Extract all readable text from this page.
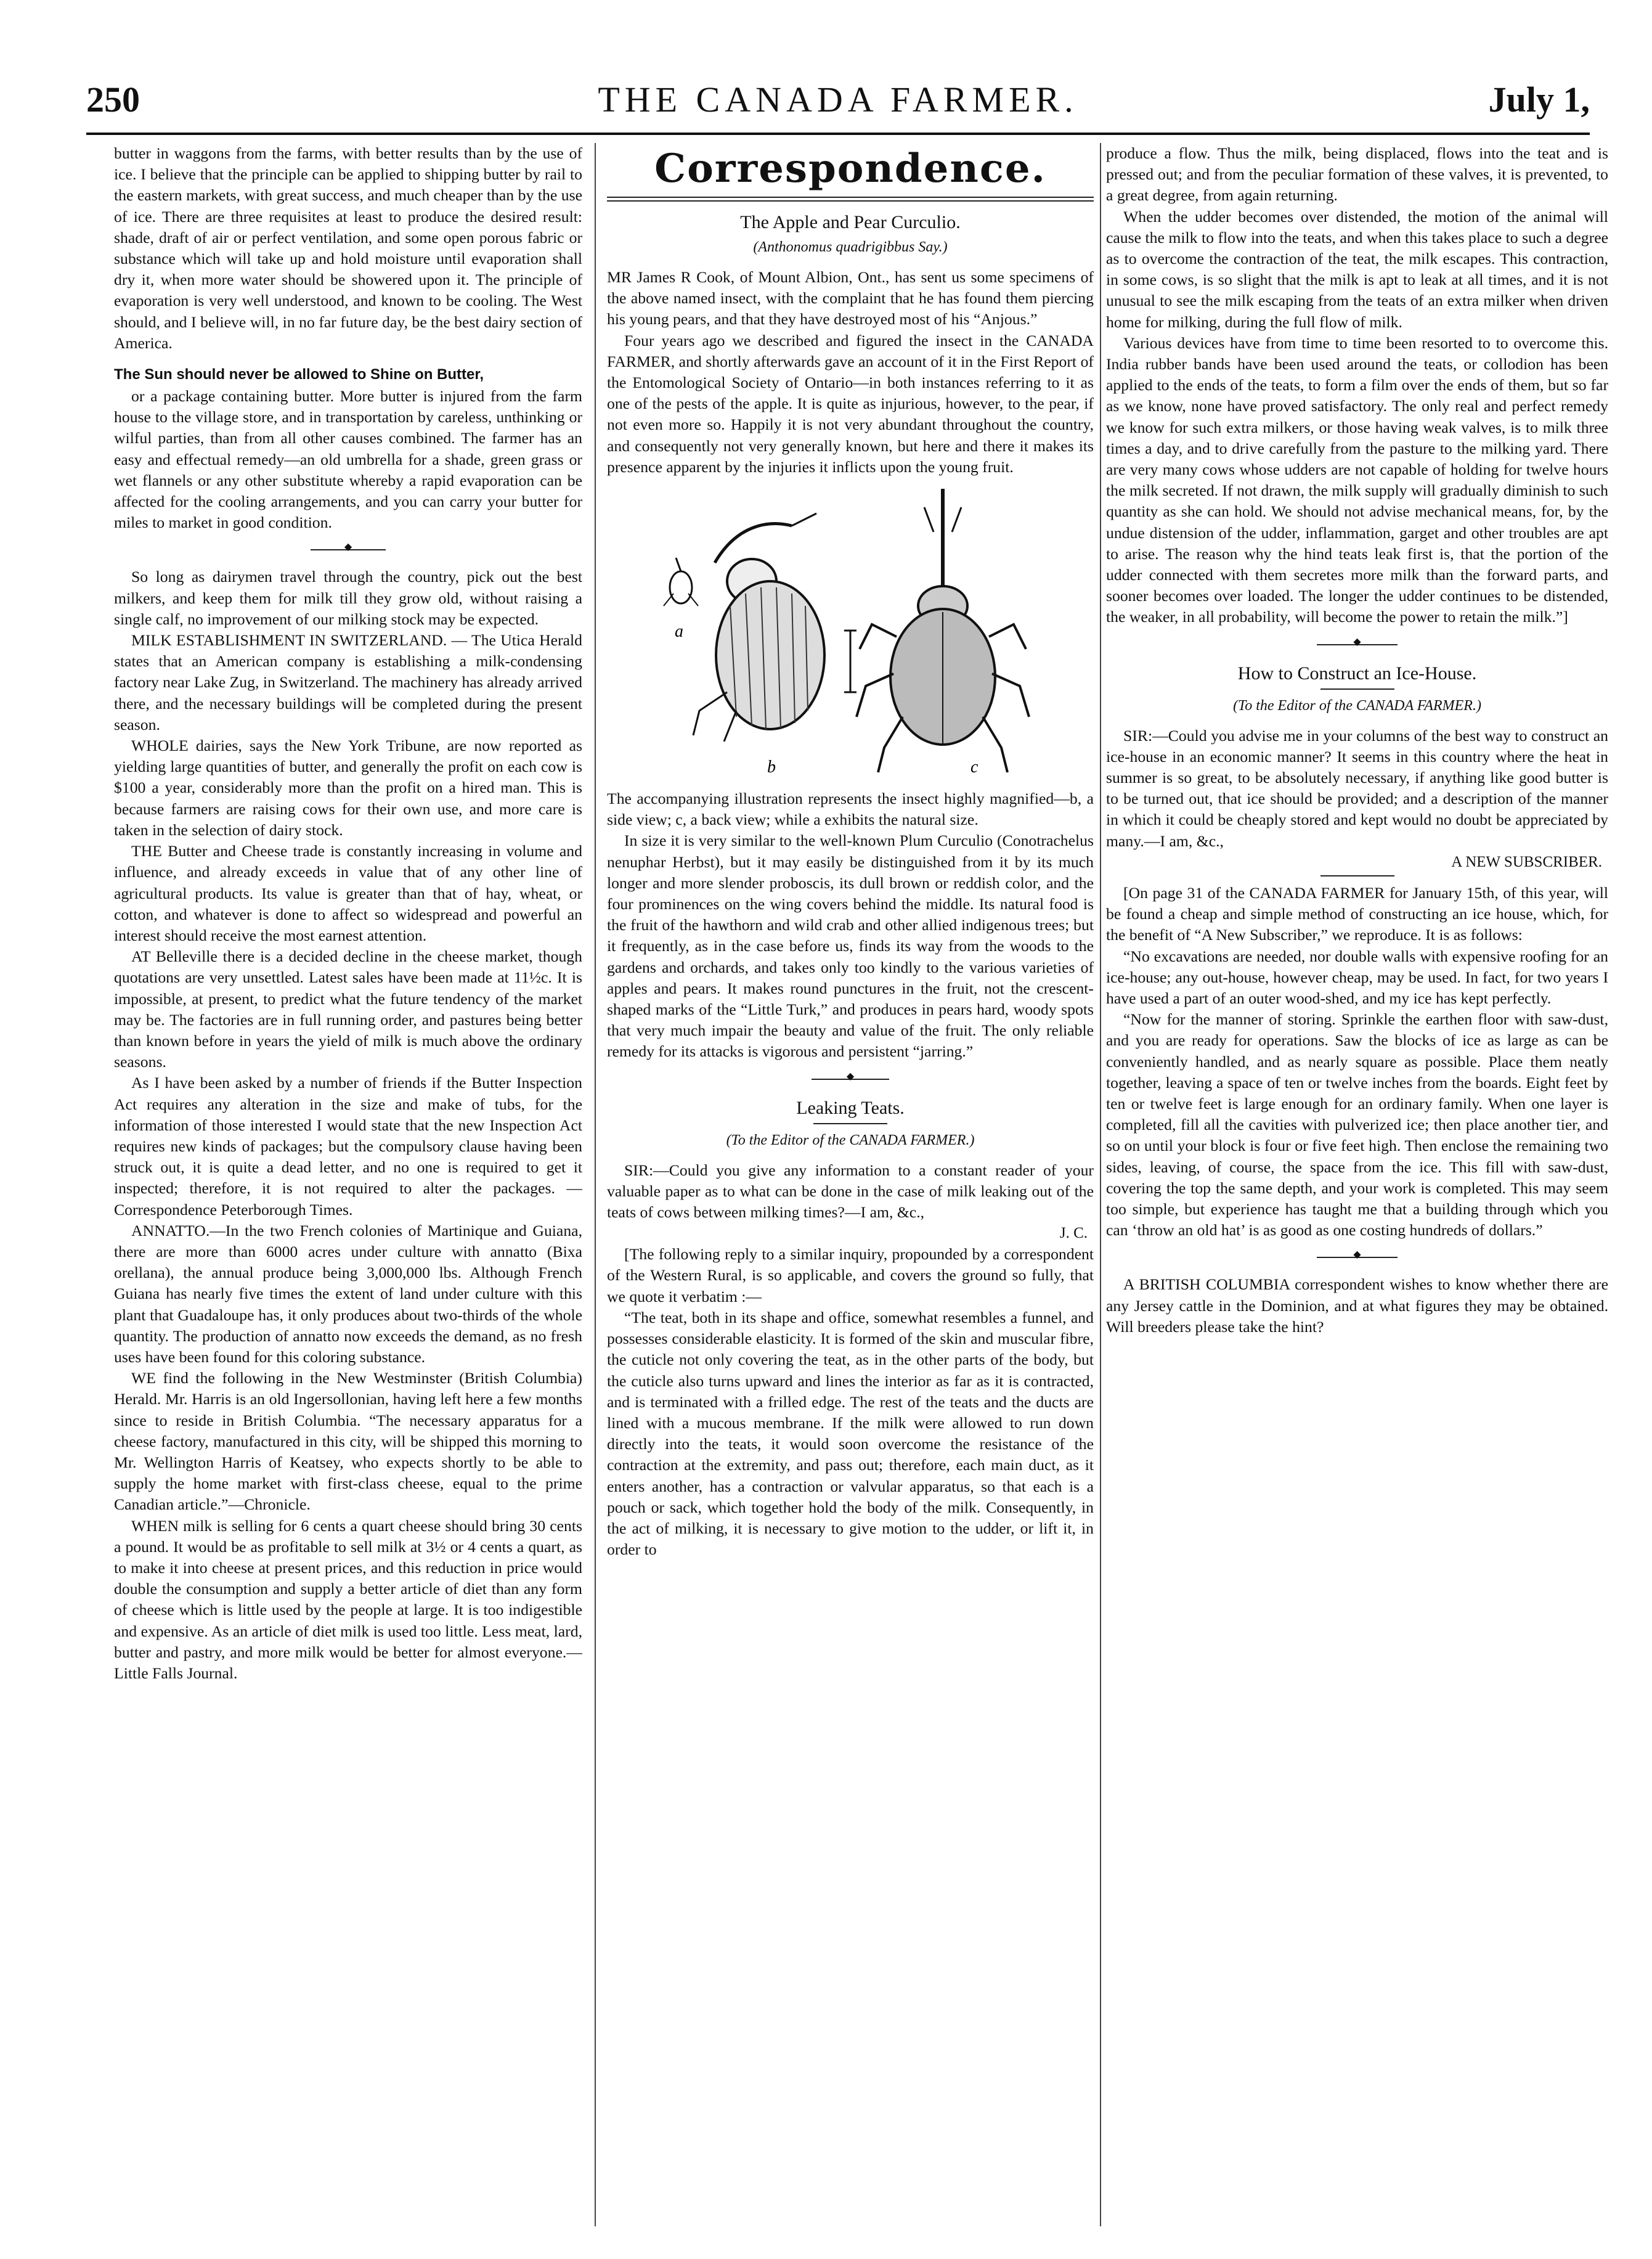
250	THE CANADA FARMER.	July 1,

butter in waggons from the farms, with better results than by the use of ice. I believe that the principle can be applied to shipping butter by rail to the eastern markets, with great success, and much cheaper than by the use of ice. There are three requisites at least to produce the desired result: shade, draft of air or perfect ventilation, and some open porous fabric or substance which will take up and hold moisture until evaporation shall dry it, when more water should be showered upon it. The principle of evaporation is very well understood, and known to be cooling. The West should, and I believe will, in no far future day, be the best dairy section of America.

The Sun should never be allowed to Shine on Butter,

or a package containing butter. More butter is injured from the farm house to the village store, and in transportation by careless, unthinking or wilful parties, than from all other causes combined. The farmer has an easy and effectual remedy—an old umbrella for a shade, green grass or wet flannels or any other substitute whereby a rapid evaporation can be affected for the cooling arrangements, and you can carry your butter for miles to market in good condition.

◆

So long as dairymen travel through the country, pick out the best milkers, and keep them for milk till they grow old, without raising a single calf, no improvement of our milking stock may be expected.

MILK ESTABLISHMENT IN SWITZERLAND. — The Utica Herald states that an American company is establishing a milk-condensing factory near Lake Zug, in Switzerland. The machinery has already arrived there, and the necessary buildings will be completed during the present season.

WHOLE dairies, says the New York Tribune, are now reported as yielding large quantities of butter, and generally the profit on each cow is $100 a year, considerably more than the profit on a hired man. This is because farmers are raising cows for their own use, and more care is taken in the selection of dairy stock.

THE Butter and Cheese trade is constantly increasing in volume and influence, and already exceeds in value that of any other line of agricultural products. Its value is greater than that of hay, wheat, or cotton, and whatever is done to affect so widespread and powerful an interest should receive the most earnest attention.

AT Belleville there is a decided decline in the cheese market, though quotations are very unsettled. Latest sales have been made at 11½c. It is impossible, at present, to predict what the future tendency of the market may be. The factories are in full running order, and pastures being better than known before in years the yield of milk is much above the ordinary seasons.

As I have been asked by a number of friends if the Butter Inspection Act requires any alteration in the size and make of tubs, for the information of those interested I would state that the new Inspection Act requires new kinds of packages; but the compulsory clause having been struck out, it is quite a dead letter, and no one is required to get it inspected; therefore, it is not required to alter the packages. —Correspondence Peterborough Times.

ANNATTO.—In the two French colonies of Martinique and Guiana, there are more than 6000 acres under culture with annatto (Bixa orellana), the annual produce being 3,000,000 lbs. Although French Guiana has nearly five times the extent of land under culture with this plant that Guadaloupe has, it only produces about two-thirds of the whole quantity. The production of annatto now exceeds the demand, as no fresh uses have been found for this coloring substance.

WE find the following in the New Westminster (British Columbia) Herald. Mr. Harris is an old Ingersollonian, having left here a few months since to reside in British Columbia. “The necessary apparatus for a cheese factory, manufactured in this city, will be shipped this morning to Mr. Wellington Harris of Keatsey, who expects shortly to be able to supply the home market with first-class cheese, equal to the prime Canadian article.”—Chronicle.

WHEN milk is selling for 6 cents a quart cheese should bring 30 cents a pound. It would be as profitable to sell milk at 3½ or 4 cents a quart, as to make it into cheese at present prices, and this reduction in price would double the consumption and supply a better article of diet than any form of cheese which is little used by the people at large. It is too indigestible and expensive. As an article of diet milk is used too little. Less meat, lard, butter and pastry, and more milk would be better for almost everyone.—Little Falls Journal.

Correspondence.

The Apple and Pear Curculio.

(Anthonomus quadrigibbus Say.)

MR James R Cook, of Mount Albion, Ont., has sent us some specimens of the above named insect, with the complaint that he has found them piercing his young pears, and that they have destroyed most of his “Anjous.”

Four years ago we described and figured the insect in the CANADA FARMER, and shortly afterwards gave an account of it in the First Report of the Entomological Society of Ontario—in both instances referring to it as one of the pests of the apple. It is quite as injurious, however, to the pear, if not even more so. Happily it is not very abundant throughout the country, and consequently not very generally known, but here and there it makes its presence apparent by the injuries it inflicts upon the young fruit.

a
b	c

The accompanying illustration represents the insect highly magnified—b, a side view; c, a back view; while a exhibits the natural size.

In size it is very similar to the well-known Plum Curculio (Conotrachelus nenuphar Herbst), but it may easily be distinguished from it by its much longer and more slender proboscis, its dull brown or reddish color, and the four prominences on the wing covers behind the middle. Its natural food is the fruit of the hawthorn and wild crab and other allied indigenous trees; but it frequently, as in the case before us, finds its way from the woods to the gardens and orchards, and takes only too kindly to the various varieties of apples and pears. It makes round punctures in the fruit, not the crescent-shaped marks of the “Little Turk,” and produces in pears hard, woody spots that very much impair the beauty and value of the fruit. The only reliable remedy for its attacks is vigorous and persistent “jarring.”

◆

Leaking Teats.

(To the Editor of the CANADA FARMER.)

SIR:—Could you give any information to a constant reader of your valuable paper as to what can be done in the case of milk leaking out of the teats of cows between milking times?—I am, &c.,

J. C.

[The following reply to a similar inquiry, propounded by a correspondent of the Western Rural, is so applicable, and covers the ground so fully, that we quote it verbatim :—

“The teat, both in its shape and office, somewhat resembles a funnel, and possesses considerable elasticity. It is formed of the skin and muscular fibre, the cuticle not only covering the teat, as in the other parts of the body, but the cuticle also turns upward and lines the interior as far as it is contracted, and is terminated with a frilled edge. The rest of the teats and the ducts are lined with a mucous membrane. If the milk were allowed to run down directly into the teats, it would soon overcome the resistance of the contraction at the extremity, and pass out; therefore, each main duct, as it enters another, has a contraction or valvular apparatus, so that each is a pouch or sack, which together hold the body of the milk. Consequently, in the act of milking, it is necessary to give motion to the udder, or lift it, in order to

produce a flow. Thus the milk, being displaced, flows into the teat and is pressed out; and from the peculiar formation of these valves, it is prevented, to a great degree, from again returning.

When the udder becomes over distended, the motion of the animal will cause the milk to flow into the teats, and when this takes place to such a degree as to overcome the contraction of the teat, the milk escapes. This contraction, in some cows, is so slight that the milk is apt to leak at all times, and it is not unusual to see the milk escaping from the teats of an extra milker when driven home for milking, during the full flow of milk.

Various devices have from time to time been resorted to to overcome this. India rubber bands have been used around the teats, or collodion has been applied to the ends of the teats, to form a film over the ends of them, but so far as we know, none have proved satisfactory. The only real and perfect remedy we know for such extra milkers, or those having weak valves, is to milk three times a day, and to drive carefully from the pasture to the milking yard. There are very many cows whose udders are not capable of holding for twelve hours the milk secreted. If not drawn, the milk supply will gradually diminish to such quantity as she can hold. We should not advise mechanical means, for, by the undue distension of the udder, inflammation, garget and other troubles are apt to arise. The reason why the hind teats leak first is, that the portion of the udder connected with them secretes more milk than the forward parts, and sooner becomes over loaded. The longer the udder continues to be distended, the weaker, in all probability, will become the power to retain the milk.”]

◆

How to Construct an Ice-House.

(To the Editor of the CANADA FARMER.)

SIR:—Could you advise me in your columns of the best way to construct an ice-house in an economic manner? It seems in this country where the heat in summer is so great, to be absolutely necessary, if anything like good butter is to be turned out, that ice should be provided; and a description of the manner in which it could be cheaply stored and kept would no doubt be appreciated by many.—I am, &c.,

A NEW SUBSCRIBER.

[On page 31 of the CANADA FARMER for January 15th, of this year, will be found a cheap and simple method of constructing an ice house, which, for the benefit of “A New Subscriber,” we reproduce. It is as follows:

“No excavations are needed, nor double walls with expensive roofing for an ice-house; any out-house, however cheap, may be used. In fact, for two years I have used a part of an outer wood-shed, and my ice has kept perfectly.

“Now for the manner of storing. Sprinkle the earthen floor with saw-dust, and you are ready for operations. Saw the blocks of ice as large as can be conveniently handled, and as nearly square as possible. Place them neatly together, leaving a space of ten or twelve inches from the boards. Eight feet by ten or twelve feet is large enough for an ordinary family. When one layer is completed, fill all the cavities with pulverized ice; then place another tier, and so on until your block is four or five feet high. Then enclose the remaining two sides, leaving, of course, the space from the ice. This fill with saw-dust, covering the top the same depth, and your work is completed. This may seem too simple, but experience has taught me that a building through which you can ‘throw an old hat’ is as good as one costing hundreds of dollars.”

◆

A BRITISH COLUMBIA correspondent wishes to know whether there are any Jersey cattle in the Dominion, and at what figures they may be obtained. Will breeders please take the hint?
